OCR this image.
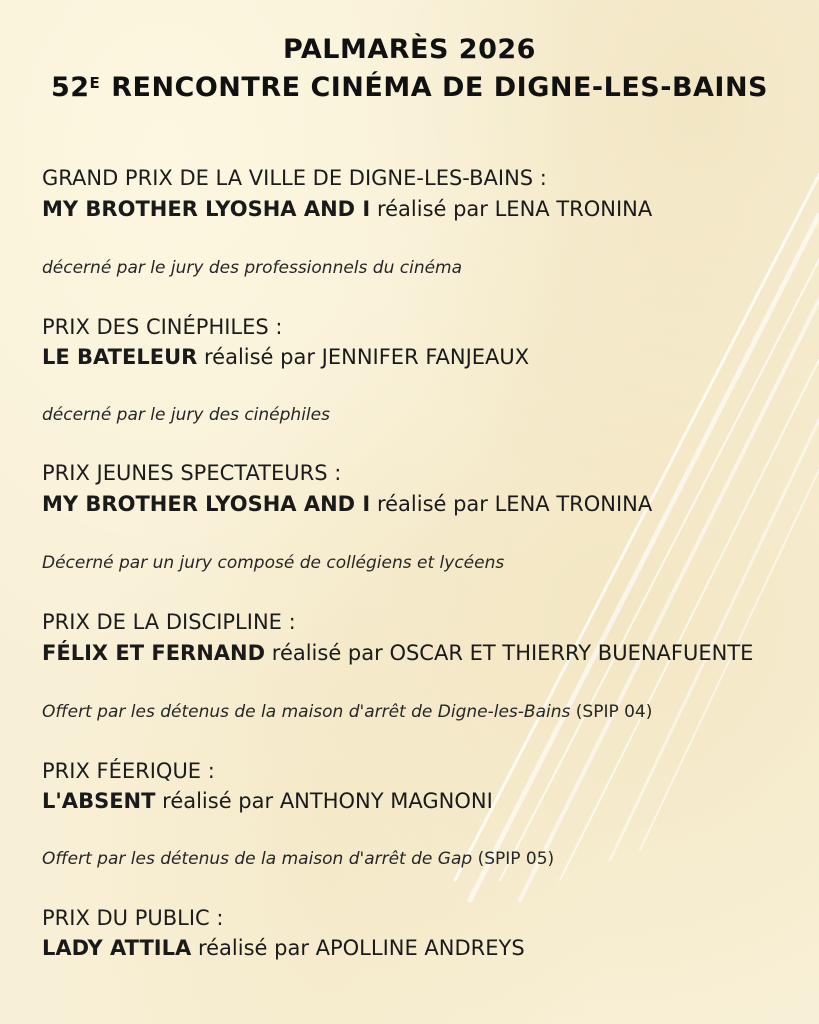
PALMARÈS 2026
$52^E$ RENCONTRE CINÉMA DE DIGNE-LES-BAINS
GRAND PRIX DE LA VILLE DE DIGNE-LES-BAINS :
MY BROTHER LYOSHA AND I réalisé par LENA TRONINA
décerné par le jury des professionnels du cinéma
PRIX DES CINÉPHILES :
LE BATELEUR réalisé par JENNIFER FANJEAUX
décerné par le jury des cinéphiles
PRIX JEUNES SPECTATEURS :
MY BROTHER LYOSHA AND I réalisé par LENA TRONINA
Décerné par un jury composé de collégiens et lycéens
PRIX DE LA DISCIPLINE :
FÉLIX ET FERNAND réalisé par OSCAR ET THIERRY BUENAFUENTE
Offert par les détenus de la maison d'arrêt de Digne-les-Bains (SPIP 04)
PRIX FÉERIQUE :
L'ABSENT réalisé par ANTHONY MAGNONI
Offert par les détenus de la maison d'arrêt de Gap (SPIP 05)
PRIX DU PUBLIC :
LADY ATTILA réalisé par APOLLINE ANDREYS
